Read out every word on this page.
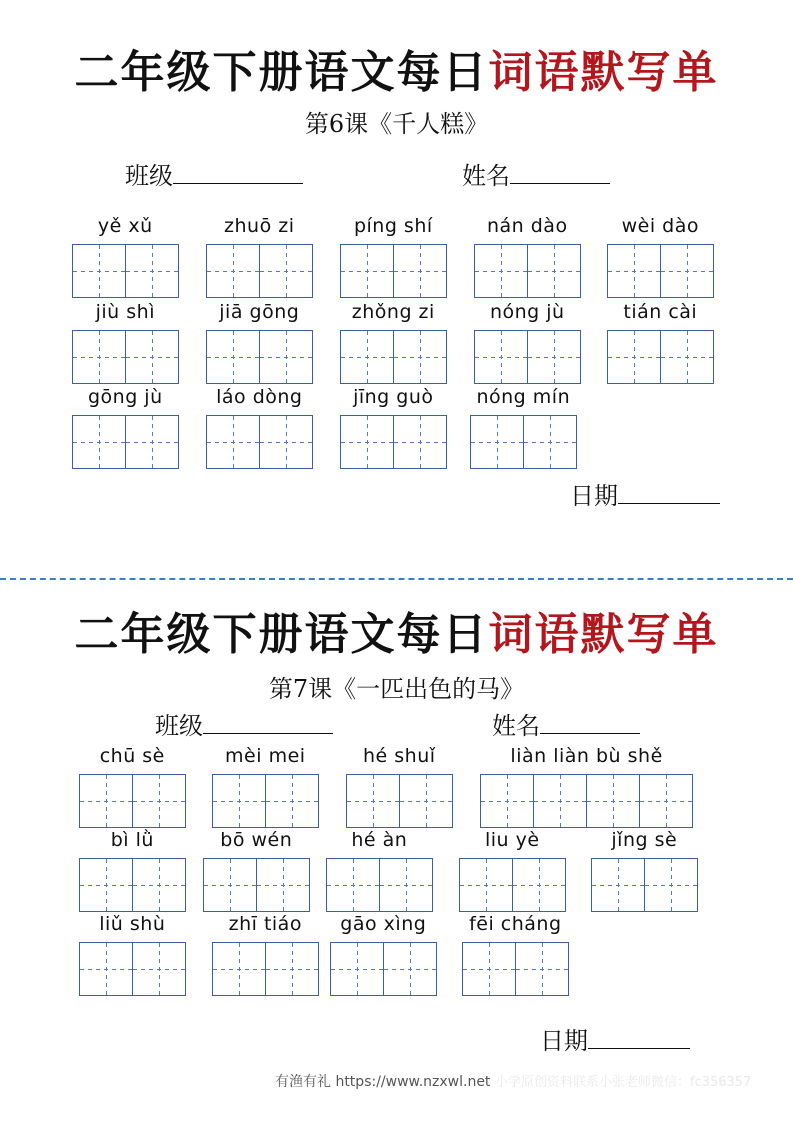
二年级下册语文每日词语默写单
第6课《千人糕》
班级	姓名
yě xǔ	zhuō zi	píng shí	nán dào	wèi dào
jiù shì	jiā gōng	zhǒng zi	nóng jù	tián cài
gōng jù	láo dòng	jīng guò	nóng mín
日期
二年级下册语文每日词语默写单
第7课《一匹出色的马》
班级	姓名
chū sè	mèi mei	hé shuǐ	liàn liàn bù shě
bì lǜ	bō wén	hé àn	liu yè	jǐng sè
liǔ shù	zhī tiáo	gāo xìng	fēi cháng
日期
有渔有礼 https://www.nzxwl.net 小学原创资料联系小张老师微信：fc356357
